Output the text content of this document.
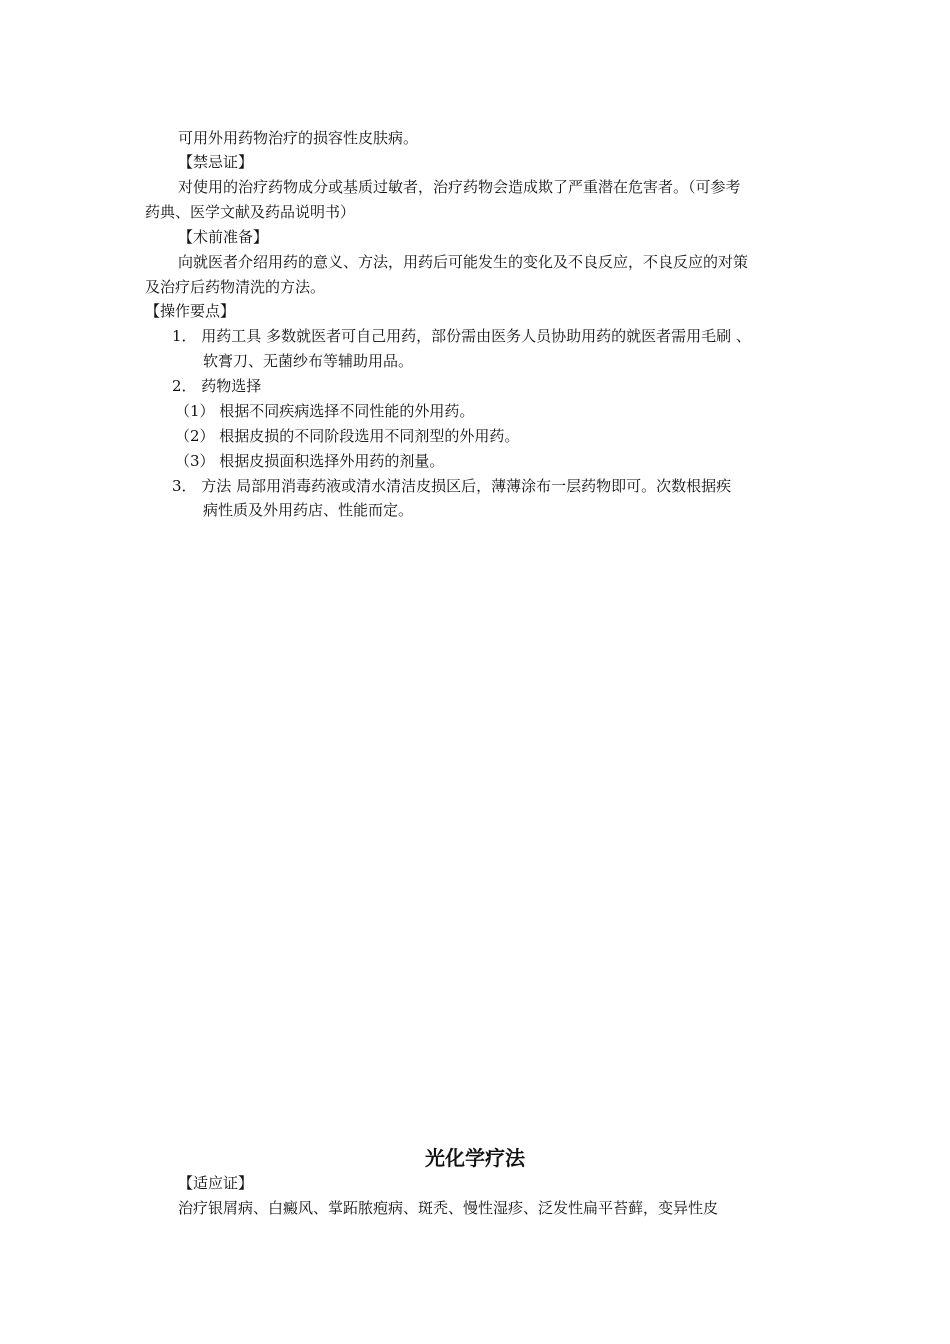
可用外用药物治疗的损容性皮肤病。
【禁忌证】
对使用的治疗药物成分或基质过敏者，治疗药物会造成欺了严重潜在危害者。（可参考
药典、医学文献及药品说明书）
【术前准备】
向就医者介绍用药的意义、方法，用药后可能发生的变化及不良反应，不良反应的对策
及治疗后药物清洗的方法。
【操作要点】
1． 用药工具 多数就医者可自己用药，部份需由医务人员协助用药的就医者需用毛刷 、
软膏刀、无菌纱布等辅助用品。
2． 药物选择
（1） 根据不同疾病选择不同性能的外用药。
（2） 根据皮损的不同阶段选用不同剂型的外用药。
（3） 根据皮损面积选择外用药的剂量。
3． 方法 局部用消毒药液或清水清洁皮损区后，薄薄涂布一层药物即可。次数根据疾
病性质及外用药店、性能而定。
光化学疗法
【适应证】
治疗银屑病、白癜风、掌跖脓疱病、斑秃、慢性湿疹、泛发性扁平苔藓，变异性皮
